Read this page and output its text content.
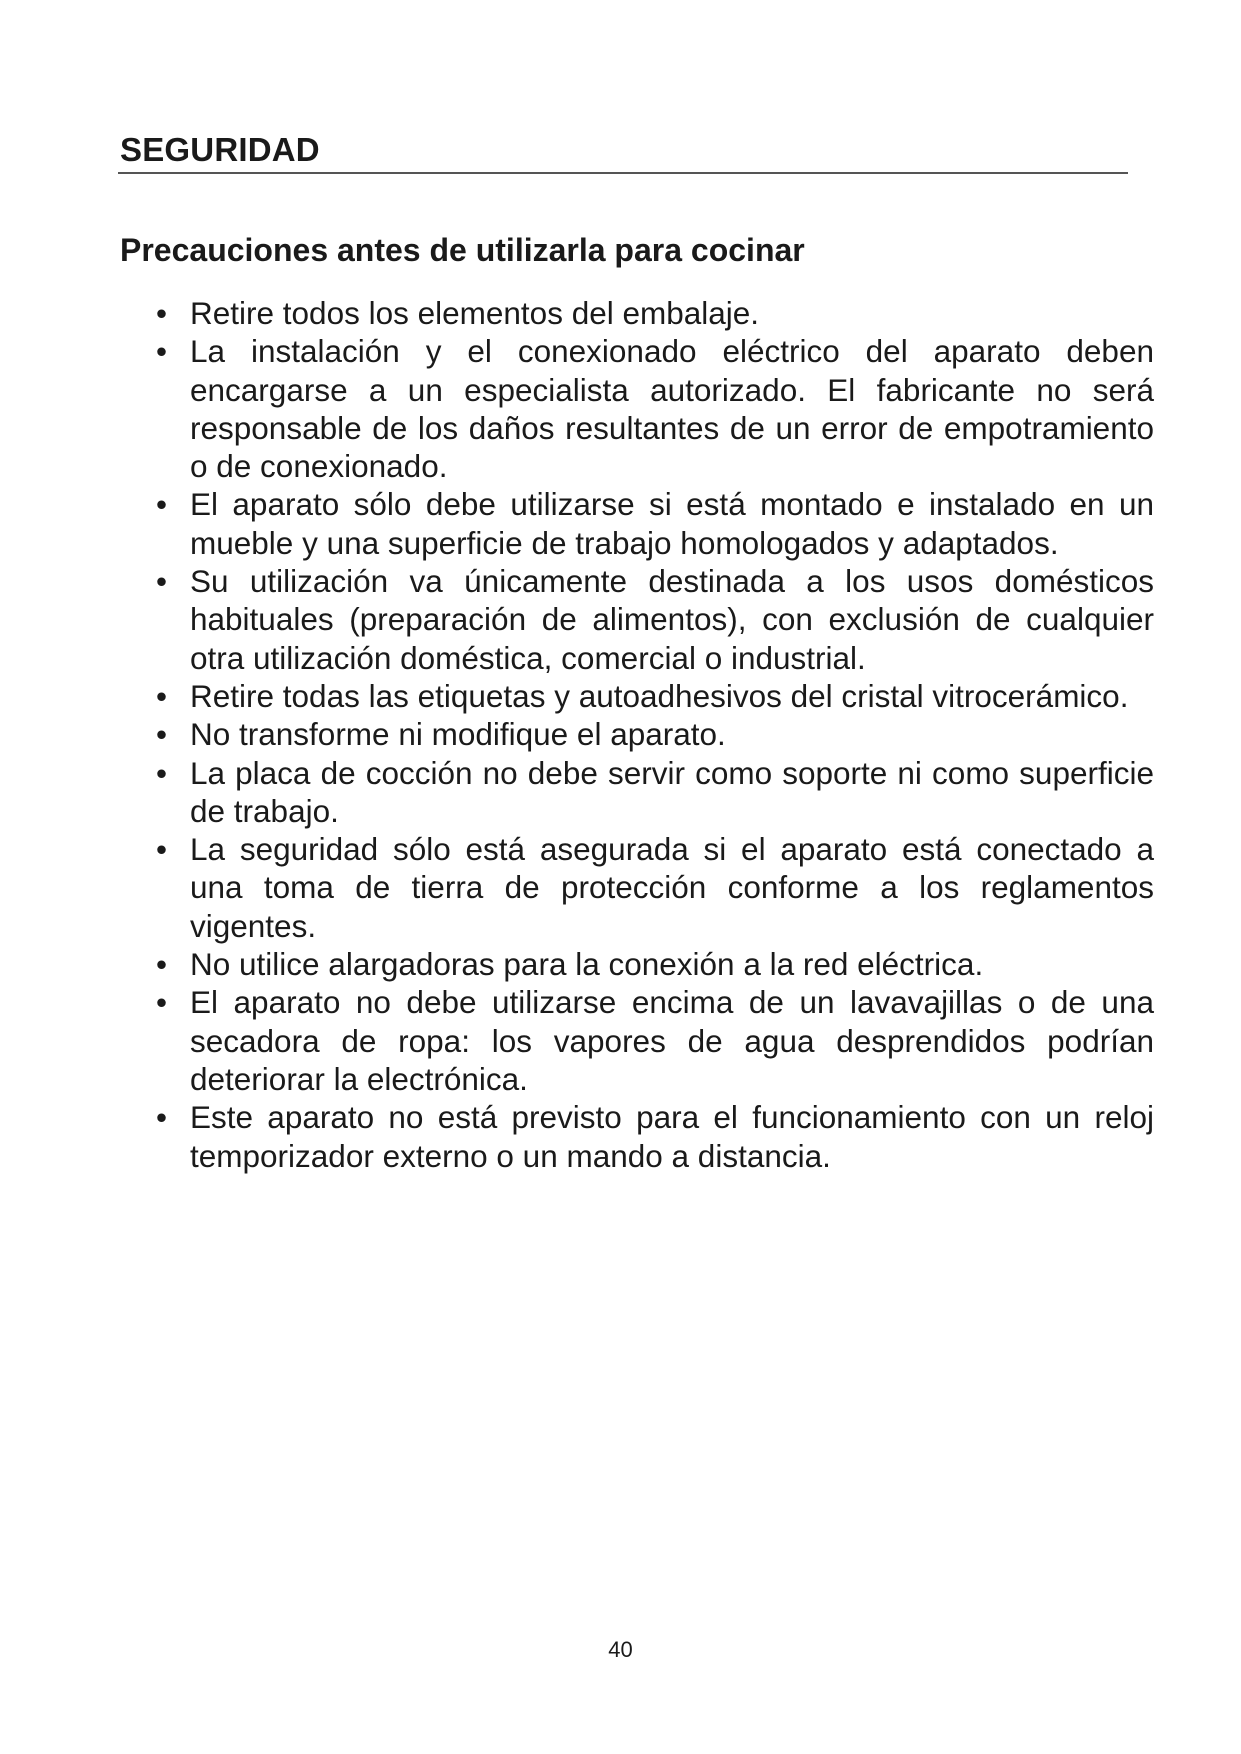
SEGURIDAD
Precauciones antes de utilizarla para cocinar
• Retire todos los elementos del embalaje.
• La instalación y el conexionado eléctrico del aparato deben encargarse a un especialista autorizado. El fabricante no será responsable de los daños resultantes de un error de empotramiento o de conexionado.
• El aparato sólo debe utilizarse si está montado e instalado en un mueble y una superficie de trabajo homologados y adaptados.
• Su utilización va únicamente destinada a los usos domésticos habituales (preparación de alimentos), con exclusión de cualquier otra utilización doméstica, comercial o industrial.
• Retire todas las etiquetas y autoadhesivos del cristal vitrocerámico.
• No transforme ni modifique el aparato.
• La placa de cocción no debe servir como soporte ni como superficie de trabajo.
• La seguridad sólo está asegurada si el aparato está conectado a una toma de tierra de protección conforme a los reglamentos vigentes.
• No utilice alargadoras para la conexión a la red eléctrica.
• El aparato no debe utilizarse encima de un lavavajillas o de una secadora de ropa: los vapores de agua desprendidos podrían deteriorar la electrónica.
• Este aparato no está previsto para el funcionamiento con un reloj temporizador externo o un mando a distancia.
40
